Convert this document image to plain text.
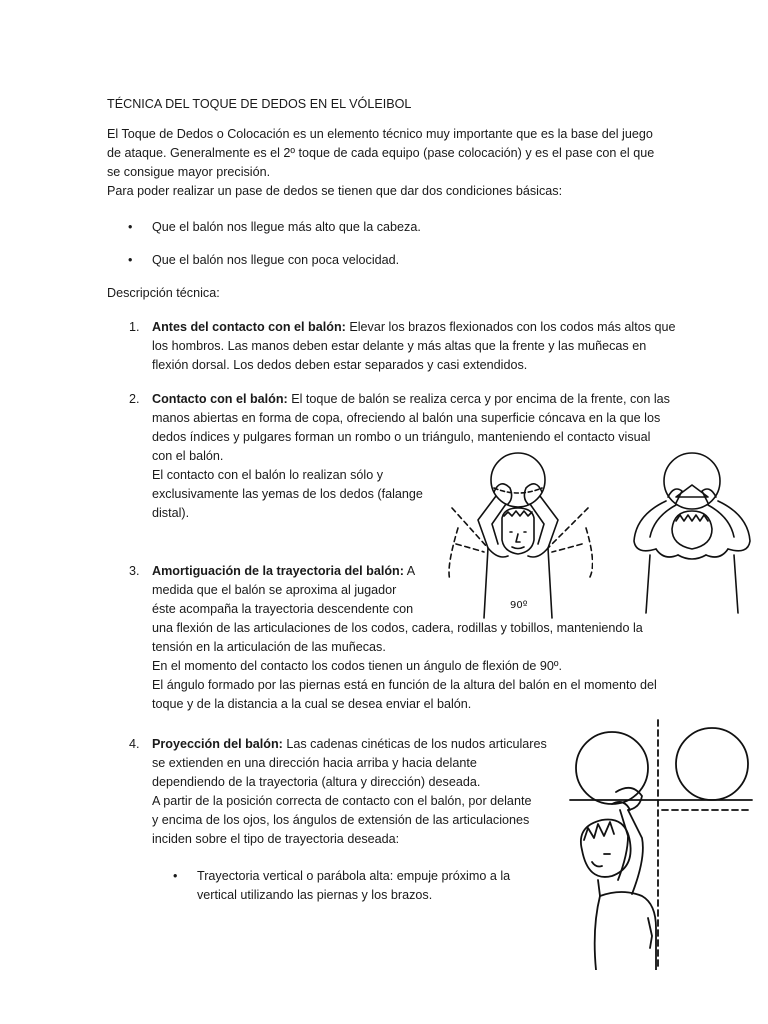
TÉCNICA DEL TOQUE DE DEDOS EN EL VÓLEIBOL
El Toque de Dedos o Colocación es un elemento técnico muy importante que es la base del juego
de ataque. Generalmente es el 2º toque de cada equipo (pase colocación) y es el pase con el que
se consigue mayor precisión.
Para poder realizar un pase de dedos se tienen que dar dos condiciones básicas:
• Que el balón nos llegue más alto que la cabeza.
• Que el balón nos llegue con poca velocidad.
Descripción técnica:
1. Antes del contacto con el balón: Elevar los brazos flexionados con los codos más altos que
los hombros. Las manos deben estar delante y más altas que la frente y las muñecas en
flexión dorsal. Los dedos deben estar separados y casi extendidos.
2. Contacto con el balón: El toque de balón se realiza cerca y por encima de la frente, con las
manos abiertas en forma de copa, ofreciendo al balón una superficie cóncava en la que los
dedos índices y pulgares forman un rombo o un triángulo, manteniendo el contacto visual
con el balón.
El contacto con el balón lo realizan sólo y
exclusivamente las yemas de los dedos (falange
distal).
3. Amortiguación de la trayectoria del balón: A
medida que el balón se aproxima al jugador
éste acompaña la trayectoria descendente con
una flexión de las articulaciones de los codos, cadera, rodillas y tobillos, manteniendo la
tensión en la articulación de las muñecas.
En el momento del contacto los codos tienen un ángulo de flexión de 90º.
El ángulo formado por las piernas está en función de la altura del balón en el momento del
toque y de la distancia a la cual se desea enviar el balón.
4. Proyección del balón: Las cadenas cinéticas de los nudos articulares
se extienden en una dirección hacia arriba y hacia delante
dependiendo de la trayectoria (altura y dirección) deseada.
A partir de la posición correcta de contacto con el balón, por delante
y encima de los ojos, los ángulos de extensión de las articulaciones
inciden sobre el tipo de trayectoria deseada:
• Trayectoria vertical o parábola alta: empuje próximo a la
vertical utilizando las piernas y los brazos.
90º
